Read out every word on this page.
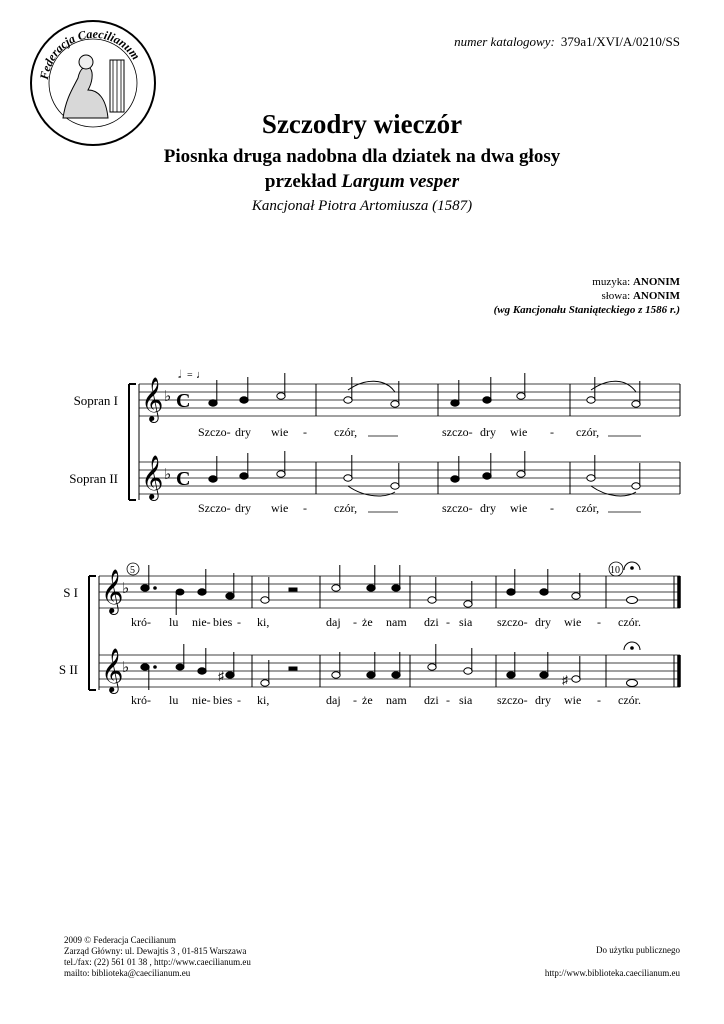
Federacja Caecilianum
numer katalogowy: 379a1/XVI/A/0210/SS
Szczodry wieczór
Piosnka druga nadobna dla dziatek na dwa głosy
przekład Largum vesper
Kancjonał Piotra Artomiusza (1587)
muzyka: ANONIM
słowa: ANONIM
(wg Kancjonału Staniąteckiego z 1586 r.)
Sopran I
Sopran II
S I
S II
𝄞
𝄞
𝄞
𝄞
♭
♭
♭
♭
C
C
𝅗𝅥 = ♩
5	10
♯	♯
Szczo- dry wie - czór,	szczo- dry wie - czór,
Szczo- dry wie - czór,	szczo- dry wie - czór,
kró- lu nie- bies - ki,	daj - że nam dzi - sia szczo- dry wie - czór.
kró- lu nie- bies - ki,	daj - że nam dzi - sia szczo- dry wie - czór.
2009 © Federacja Caecilianum
Zarząd Główny: ul. Dewajtis 3 , 01-815 Warszawa
tel./fax: (22) 561 01 38 , http://www.caecilianum.eu
mailto: biblioteka@caecilianum.eu
Do użytku publicznego
http://www.biblioteka.caecilianum.eu
